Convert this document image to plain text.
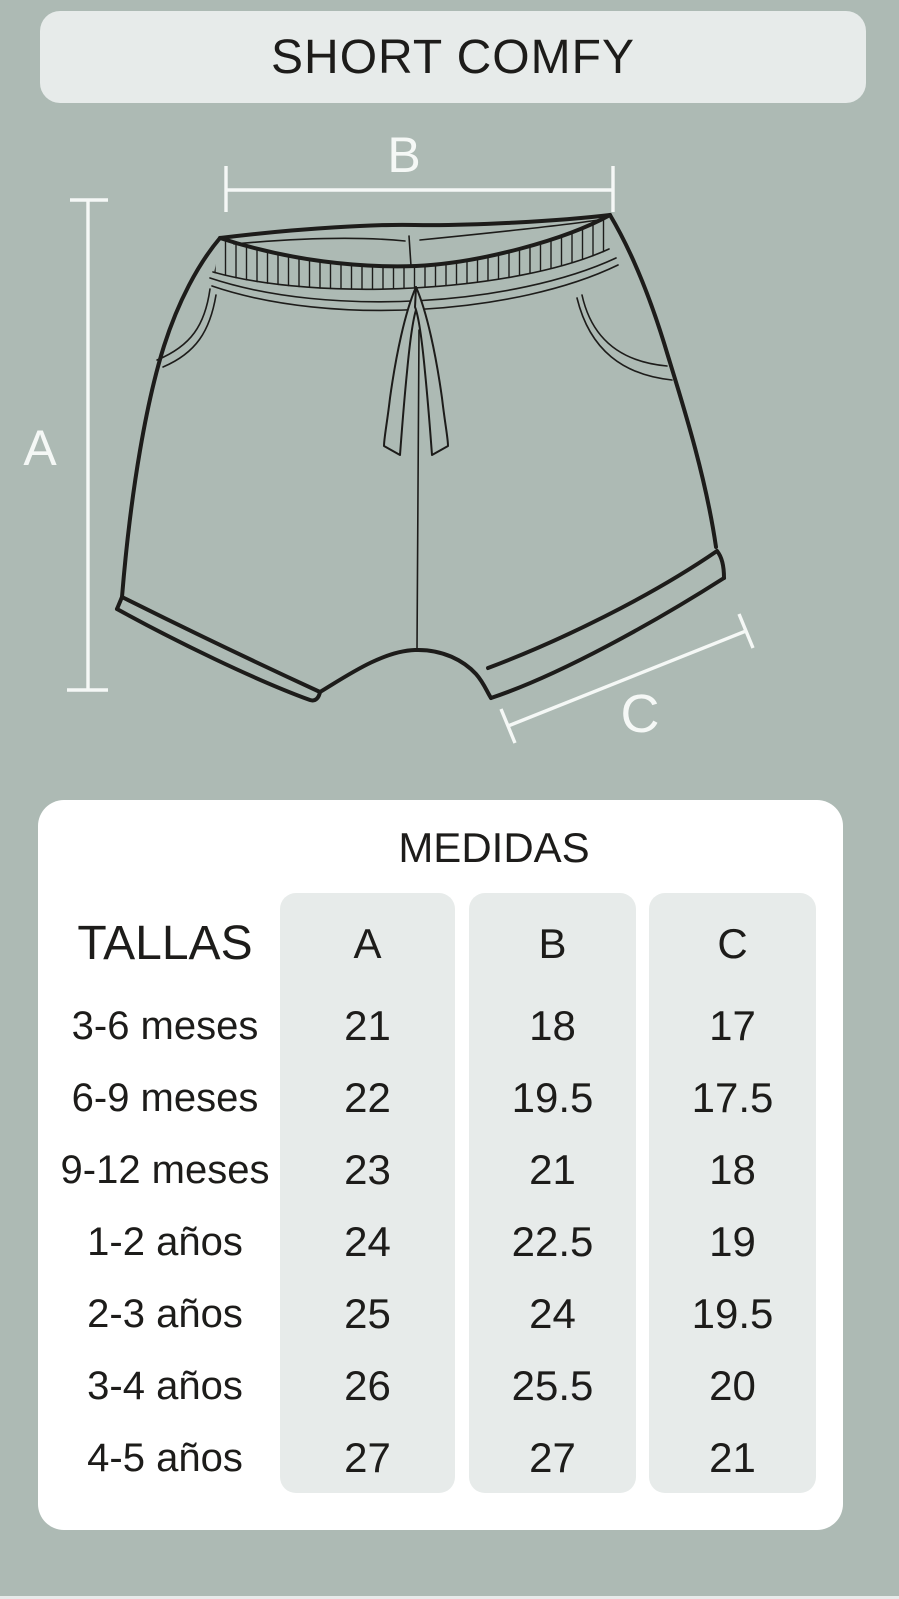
SHORT COMFY
A
B
C
MEDIDAS
TALLAS	A	B	C
3-6 meses	21	18	17
6-9 meses	22	19.5	17.5
9-12 meses	23	21	18
1-2 años	24	22.5	19
2-3 años	25	24	19.5
3-4 años	26	25.5	20
4-5 años	27	27	21
